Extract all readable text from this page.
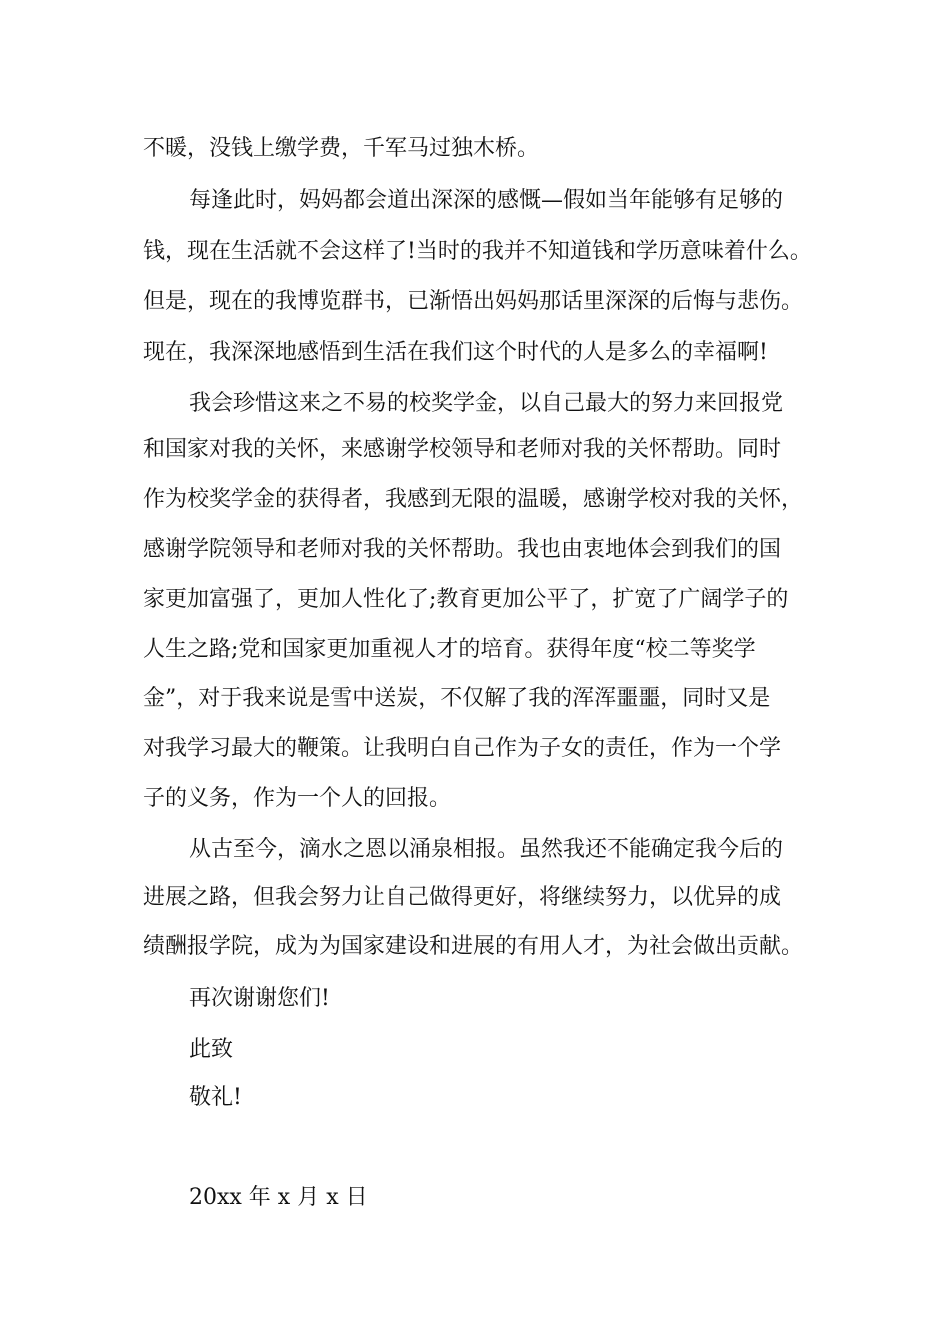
不暖，没钱上缴学费，千军马过独木桥。
每逢此时，妈妈都会道出深深的感慨—假如当年能够有足够的
钱，现在生活就不会这样了!当时的我并不知道钱和学历意味着什么。
但是，现在的我博览群书，已渐悟出妈妈那话里深深的后悔与悲伤。
现在，我深深地感悟到生活在我们这个时代的人是多么的幸福啊!
我会珍惜这来之不易的校奖学金，以自己最大的努力来回报党
和国家对我的关怀，来感谢学校领导和老师对我的关怀帮助。同时
作为校奖学金的获得者，我感到无限的温暖，感谢学校对我的关怀，
感谢学院领导和老师对我的关怀帮助。我也由衷地体会到我们的国
家更加富强了，更加人性化了;教育更加公平了，扩宽了广阔学子的
人生之路;党和国家更加重视人才的培育。获得年度“校二等奖学
金”，对于我来说是雪中送炭，不仅解了我的浑浑噩噩，同时又是
对我学习最大的鞭策。让我明白自己作为子女的责任，作为一个学
子的义务，作为一个人的回报。
从古至今，滴水之恩以涌泉相报。虽然我还不能确定我今后的
进展之路，但我会努力让自己做得更好，将继续努力，以优异的成
绩酬报学院，成为为国家建设和进展的有用人才，为社会做出贡献。
再次谢谢您们!
此致
敬礼!
20xx 年 x 月 x 日
